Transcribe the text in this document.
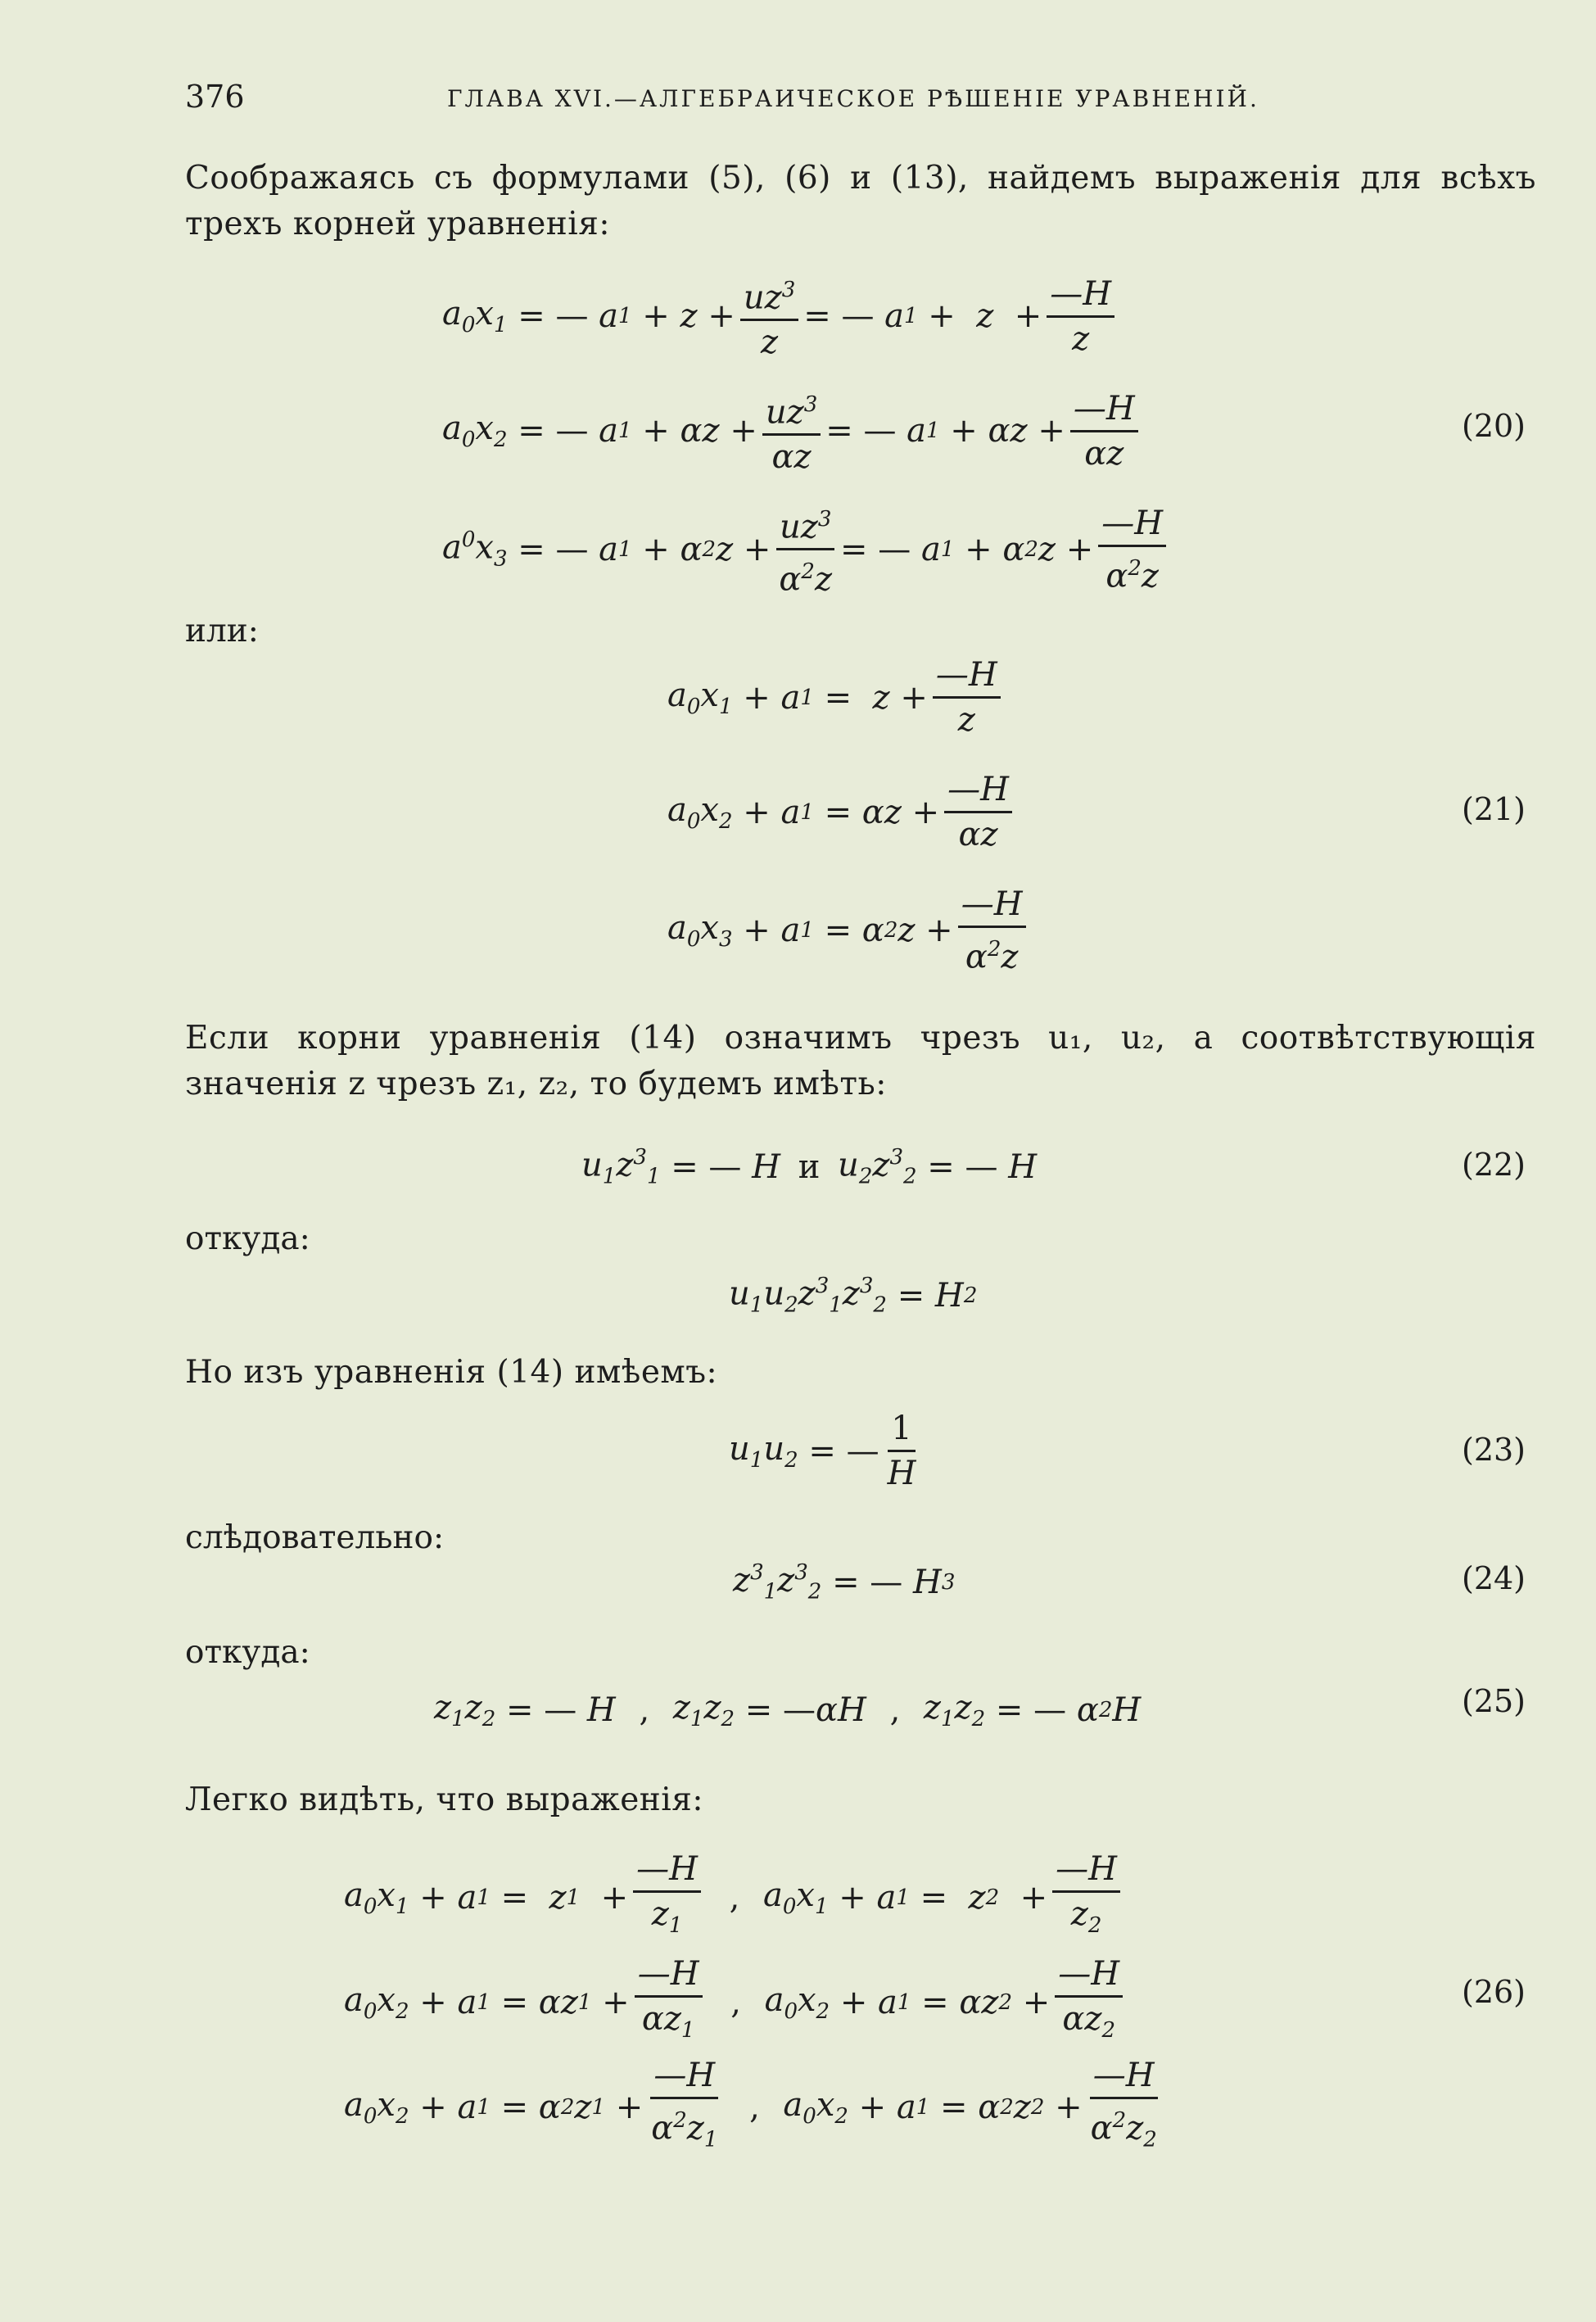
376	ГЛАВА XVI.—АЛГЕБРАИЧЕСКОЕ РѢШЕНІЕ УРАВНЕНІЙ.
Соображаясь съ формулами (5), (6) и (13), найдемъ выраженія для всѣхъ трехъ корней уравненія:
$a_0x_1$
= — a 1
+ $z + \frac{uz^3}{z}$ = — a 1
+ $z + \frac{—H}{z}$
$a_0x_2$
= — a 1
+ $\alpha z + \frac{uz^3}{\alpha z}$ = — a 1
+ $\alpha z + \frac{—H}{\alpha z}$	(20)
$a^0x_3$
= — a 1
+ α 2 $z + \frac{uz^3}{\alpha^2z}$ = — a 1
+ α 2 $z + \frac{—H}{\alpha^2z}$
или:
$a_0x_1$
+ a 1
= $z + \frac{—H}{z}$
$a_0x_2$
+ a 1
= $\alpha z + \frac{—H}{\alpha z}$	(21)
$a_0x_3$
+ a 1
= α 2 $z + \frac{—H}{\alpha^2z}$
Если корни уравненія (14) означимъ чрезъ u₁, u₂, а соотвѣтствующія значенія z чрезъ z₁, z₂, то будемъ имѣть:
$u_1z^3_1$
= — H и $u_2z^3_2$
= — H	(22)
откуда:
$u_1u_2z^3_1z^3_2$
= H 2
Но изъ уравненія (14) имѣемъ:
$u_1u_2$
= — $\frac{1}{H}$	(23)
слѣдовательно:
$z^3_1z^3_2$
= — H 3	(24)
откуда:
$z_1z_2$
= — H , $z_1z_2$
= — αH , $z_1z_2$
= — α 2 H	(25)
Легко видѣть, что выраженія:
$a_0x_1$
+ a 1
= z 1
+ $\frac{—H}{z_1}$ , $a_0x_1$
+ a 1
= z 2
+ $\frac{—H}{z_2}$
$a_0x_2$
+ a 1
= αz 1
+ $\frac{—H}{\alpha z_1}$ , $a_0x_2$
+ a 1
= αz 2
+ $\frac{—H}{\alpha z_2}$	(26)
$a_0x_2$
+ a 1
= α 2 z 1
+ $\frac{—H}{\alpha^2z_1}$ , $a_0x_2$
+ a 1
= α 2 z 2
+ $\frac{—H}{\alpha^2z_2}$
